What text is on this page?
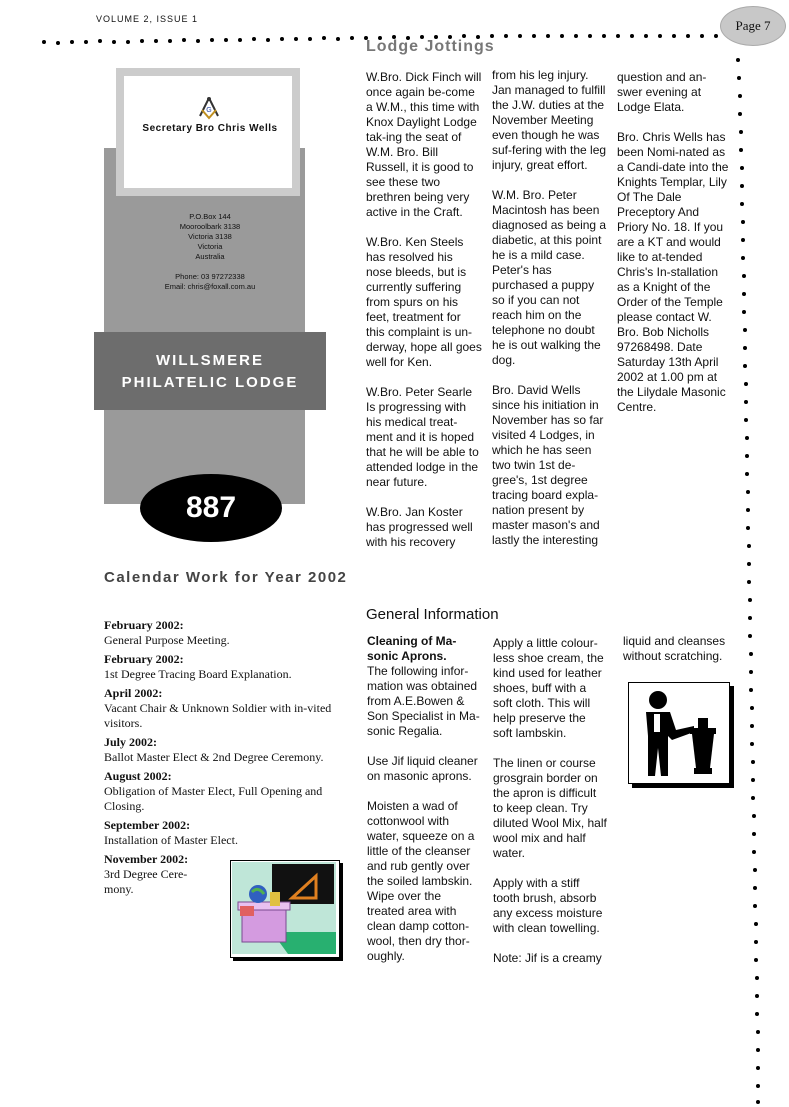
VOLUME 2, ISSUE 1	Page 7
G
Secretary Bro Chris Wells
P.O.Box 144
Mooroolbark 3138
Victoria 3138
Victoria
Australia
Phone: 03 97272338
Email: chris@foxall.com.au
WILLSMERE
PHILATELIC LODGE
887
Lodge Jottings

W.Bro. Dick Finch will once again be-come a W.M., this time with Knox Daylight Lodge tak-ing the seat of W.M. Bro. Bill Russell, it is good to see these two brethren being very active in the Craft.

W.Bro. Ken Steels has resolved his nose bleeds, but is currently suffering from spurs on his feet, treatment for this complaint is un-derway, hope all goes well for Ken.

W.Bro. Peter Searle Is progressing with his medical treat-ment and it is hoped that he will be able to attended lodge in the near future.

W.Bro. Jan Koster has progressed well with his recovery

from his leg injury. Jan managed to fulfill the J.W. duties at the November Meeting even though he was suf-fering with the leg injury, great effort.

W.M. Bro. Peter Macintosh has been diagnosed as being a diabetic, at this point he is a mild case. Peter's has purchased a puppy so if you can not reach him on the telephone no doubt he is out walking the dog.

Bro. David Wells since his initiation in November has so far visited 4 Lodges, in which he has seen two twin 1st de-gree's, 1st degree tracing board expla-nation present by master mason's and lastly the interesting

question and an-swer evening at Lodge Elata.

Bro. Chris Wells has been Nomi-nated as a Candi-date into the Knights Templar, Lily Of The Dale Preceptory And Priory No. 18. If you are a KT and would like to at-tended Chris's In-stallation as a Knight of the Order of the Temple please contact W. Bro. Bob Nicholls 97268498. Date Saturday 13th April 2002 at 1.00 pm at the Lilydale Masonic Centre.

Calendar Work for Year 2002
February 2002:
General Purpose Meeting.
February 2002:
1st Degree Tracing Board Explanation.
April 2002:
Vacant Chair & Unknown Soldier with in-vited visitors.
July 2002:
Ballot Master Elect & 2nd Degree Ceremony.
August 2002:
Obligation of Master Elect, Full Opening and Closing.
September 2002:
Installation of Master Elect.
November 2002:
3rd Degree Cere-mony.
General Information
Cleaning of Ma-sonic Aprons.

The following infor-mation was obtained from A.E.Bowen & Son Specialist in Ma-sonic Regalia.

Use Jif liquid cleaner on masonic aprons.

Moisten a wad of cottonwool with water, squeeze on a little of the cleanser and rub gently over the soiled lambskin. Wipe over the treated area with clean damp cotton-wool, then dry thor-oughly.

Apply a little colour-less shoe cream, the kind used for leather shoes, buff with a soft cloth. This will help preserve the soft lambskin.

The linen or course grosgrain border on the apron is difficult to keep clean. Try diluted Wool Mix, half wool mix and half water.

Apply with a stiff tooth brush, absorb any excess moisture with clean towelling.

Note: Jif is a creamy

liquid and cleanses without scratching.
